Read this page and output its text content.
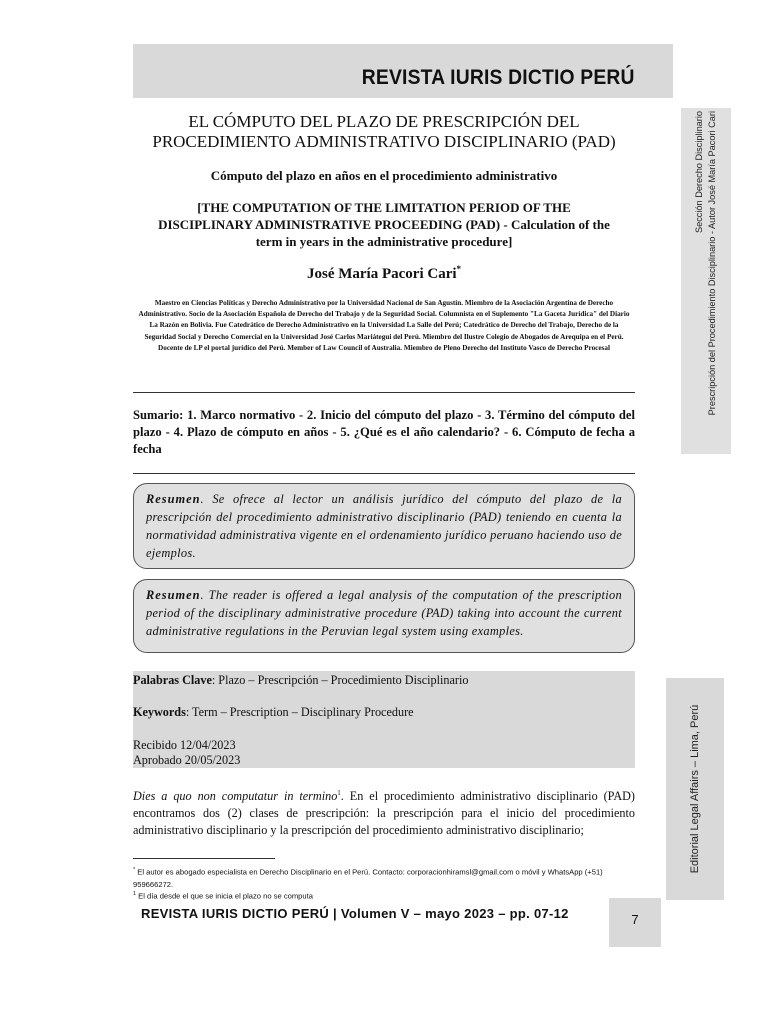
REVISTA IURIS DICTIO PERÚ
EL CÓMPUTO DEL PLAZO DE PRESCRIPCIÓN DEL
PROCEDIMIENTO ADMINISTRATIVO DISCIPLINARIO (PAD)
Cómputo del plazo en años en el procedimiento administrativo
[THE COMPUTATION OF THE LIMITATION PERIOD OF THE
DISCIPLINARY ADMINISTRATIVE PROCEEDING (PAD) - Calculation of the
term in years in the administrative procedure]
José María Pacori Cari*
Maestro en Ciencias Políticas y Derecho Administrativo por la Universidad Nacional de San Agustín. Miembro de la Asociación Argentina de Derecho Administrativo. Socio de la Asociación Española de Derecho del Trabajo y de la Seguridad Social. Columnista en el Suplemento "La Gaceta Jurídica" del Diario La Razón en Bolivia. Fue Catedrático de Derecho Administrativo en la Universidad La Salle del Perú; Catedrático de Derecho del Trabajo, Derecho de la Seguridad Social y Derecho Comercial en la Universidad José Carlos Mariátegui del Perú. Miembro del Ilustre Colegio de Abogados de Arequipa en el Perú. Docente de LP el portal jurídico del Perú. Member of Law Council of Australia. Miembro de Pleno Derecho del Instituto Vasco de Derecho Procesal
Sumario: 1. Marco normativo - 2. Inicio del cómputo del plazo - 3. Término del cómputo del plazo - 4. Plazo de cómputo en años - 5. ¿Qué es el año calendario? - 6. Cómputo de fecha a fecha
Resumen. Se ofrece al lector un análisis jurídico del cómputo del plazo de la prescripción del procedimiento administrativo disciplinario (PAD) teniendo en cuenta la normatividad administrativa vigente en el ordenamiento jurídico peruano haciendo uso de ejemplos.
Resumen. The reader is offered a legal analysis of the computation of the prescription period of the disciplinary administrative procedure (PAD) taking into account the current administrative regulations in the Peruvian legal system using examples.
Palabras Clave: Plazo – Prescripción – Procedimiento Disciplinario
Keywords: Term – Prescription – Disciplinary Procedure
Recibido 12/04/2023
Aprobado 20/05/2023
Dies a quo non computatur in termino$^1$. En el procedimiento administrativo disciplinario (PAD) encontramos dos (2) clases de prescripción: la prescripción para el inicio del procedimiento administrativo disciplinario y la prescripción del procedimiento administrativo disciplinario;
* El autor es abogado especialista en Derecho Disciplinario en el Perú. Contacto: corporacionhiramsl@gmail.com o móvil y WhatsApp (+51) 959666272.
$^1$ El día desde el que se inicia el plazo no se computa
REVISTA IURIS DICTIO PERÚ | Volumen V – mayo 2023 – pp. 07-12	7
Sección Derecho Disciplinario Prescripción del Procedimiento Disciplinario - Autor José María Pacori Cari
Editorial Legal Affairs – Lima, Perú
